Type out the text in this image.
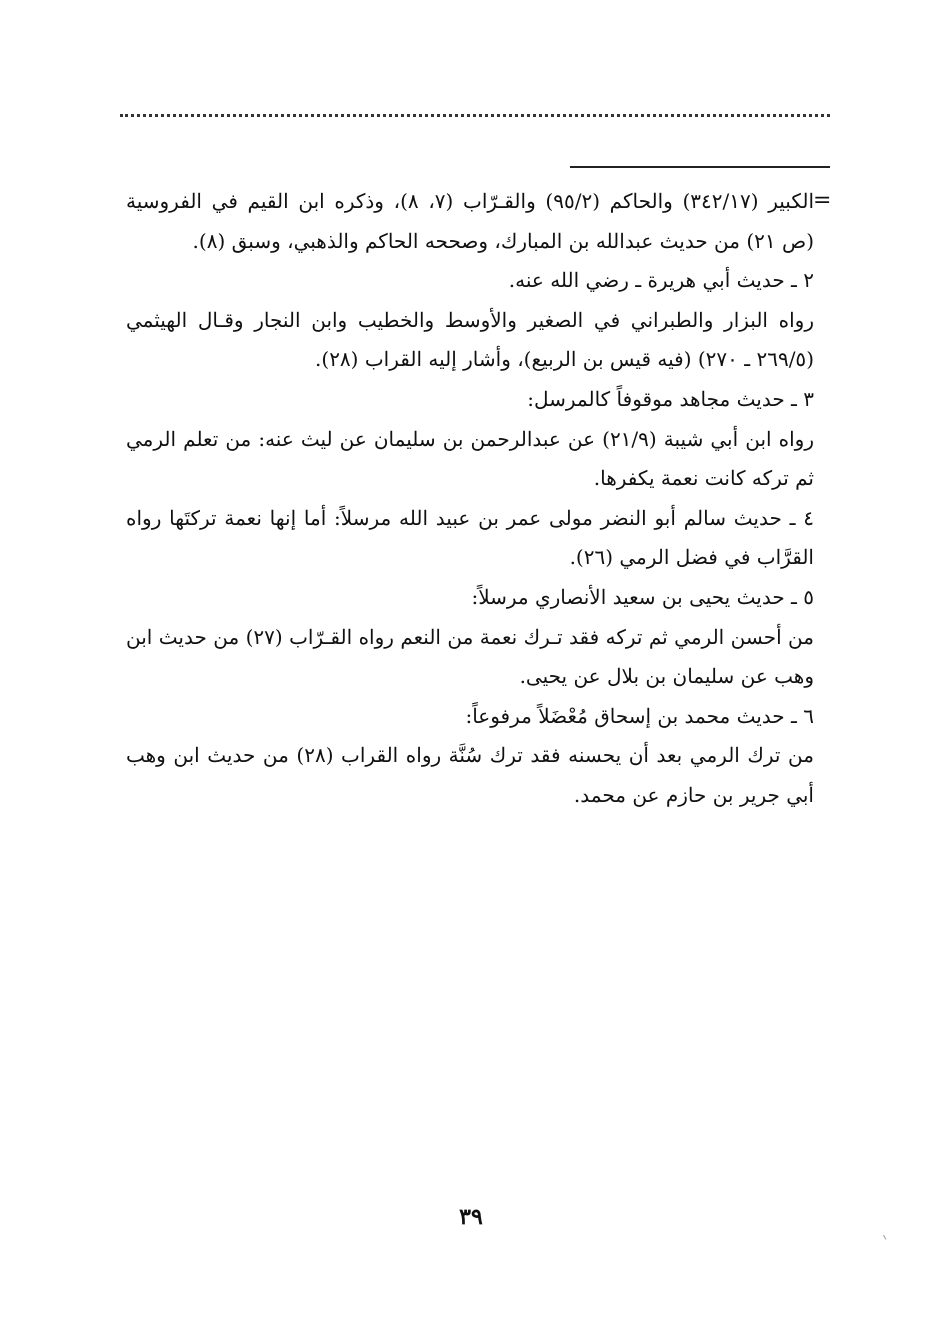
=

الكبير (٣٤٢/١٧) والحاكم (٩٥/٢) والقـرّاب (٧، ٨)، وذكره ابن القيم في الفروسية (ص ٢١) من حديث عبدالله بن المبارك، وصححه الحاكم والذهبي، وسبق (٨).

٢ ـ حديث أبي هريرة ـ رضي الله عنه.

رواه البزار والطبراني في الصغير والأوسط والخطيب وابن النجار وقـال الهيثمي (٢٦٩/٥ ـ ٢٧٠) (فيه قيس بن الربيع)، وأشار إليه القراب (٢٨).

٣ ـ حديث مجاهد موقوفاً كالمرسل:

رواه ابن أبي شيبة (٢١/٩) عن عبدالرحمن بن سليمان عن ليث عنه: من تعلم الرمي ثم تركه كانت نعمة يكفرها.

٤ ـ حديث سالم أبو النضر مولى عمر بن عبيد الله مرسلاً: أما إنها نعمة تركتَها رواه القرَّاب في فضل الرمي (٢٦).

٥ ـ حديث يحيى بن سعيد الأنصاري مرسلاً:

من أحسن الرمي ثم تركه فقد تـرك نعمة من النعم رواه القـرّاب (٢٧) من حديث ابن وهب عن سليمان بن بلال عن يحيى.

٦ ـ حديث محمد بن إسحاق مُعْضَلاً مرفوعاً:

من ترك الرمي بعد أن يحسنه فقد ترك سُنَّة رواه القراب (٢٨) من حديث ابن وهب أبي جرير بن حازم عن محمد.

٣٩
